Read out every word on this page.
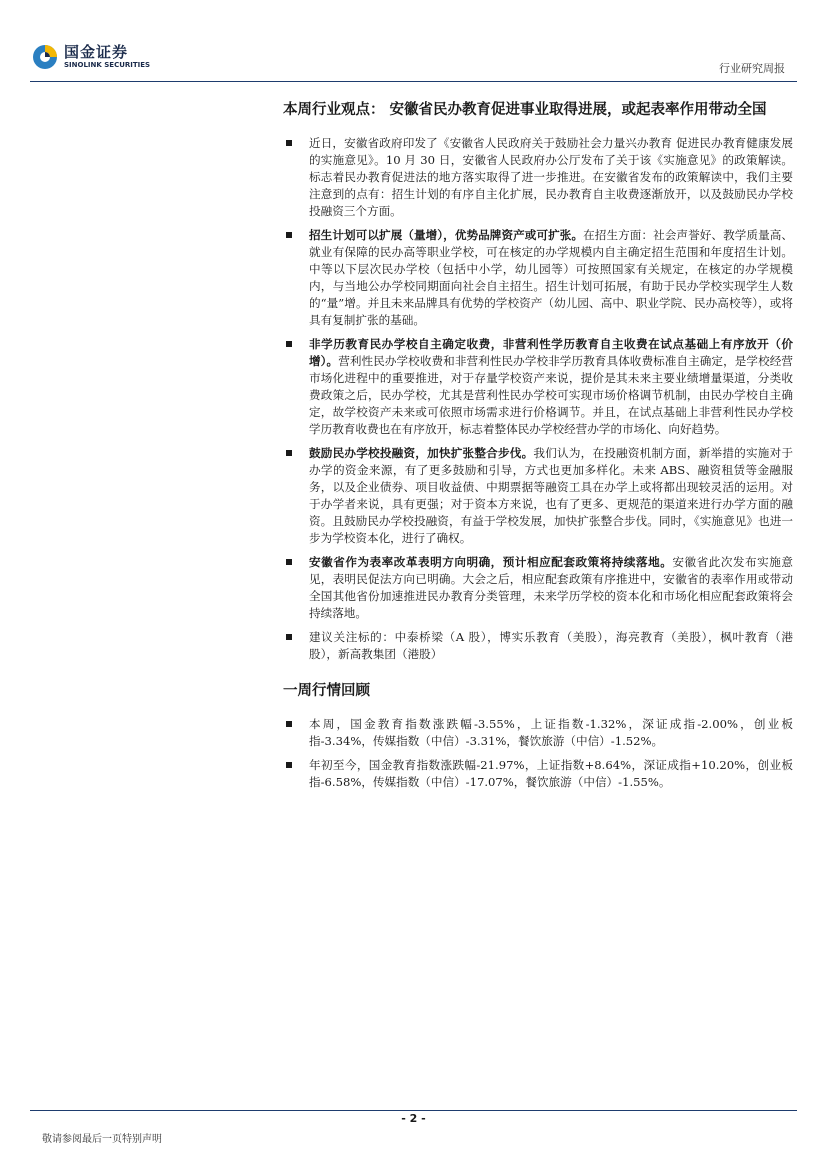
国金证券
SINOLINK SECURITIES	行业研究周报
本周行业观点： 安徽省民办教育促进事业取得进展，或起表率作用带动全国
近日，安徽省政府印发了《安徽省人民政府关于鼓励社会力量兴办教育 促进民办教育健康发展的实施意见》。10 月 30 日，安徽省人民政府办公厅发布了关于该《实施意见》的政策解读。标志着民办教育促进法的地方落实取得了进一步推进。在安徽省发布的政策解读中，我们主要注意到的点有：招生计划的有序自主化扩展，民办教育自主收费逐渐放开，以及鼓励民办学校投融资三个方面。
招生计划可以扩展（量增），优势品牌资产或可扩张。在招生方面：社会声誉好、教学质量高、就业有保障的民办高等职业学校，可在核定的办学规模内自主确定招生范围和年度招生计划。中等以下层次民办学校（包括中小学，幼儿园等）可按照国家有关规定，在核定的办学规模内，与当地公办学校同期面向社会自主招生。招生计划可拓展，有助于民办学校实现学生人数的“量”增。并且未来品牌具有优势的学校资产（幼儿园、高中、职业学院、民办高校等），或将具有复制扩张的基础。
非学历教育民办学校自主确定收费，非营利性学历教育自主收费在试点基础上有序放开（价增）。营利性民办学校收费和非营利性民办学校非学历教育具体收费标准自主确定，是学校经营市场化进程中的重要推进，对于存量学校资产来说，提价是其未来主要业绩增量渠道，分类收费政策之后，民办学校，尤其是营利性民办学校可实现市场价格调节机制，由民办学校自主确定，故学校资产未来或可依照市场需求进行价格调节。并且，在试点基础上非营利性民办学校学历教育收费也在有序放开，标志着整体民办学校经营办学的市场化、向好趋势。
鼓励民办学校投融资，加快扩张整合步伐。我们认为，在投融资机制方面，新举措的实施对于办学的资金来源，有了更多鼓励和引导，方式也更加多样化。未来 ABS、融资租赁等金融服务，以及企业债券、项目收益债、中期票据等融资工具在办学上或将都出现较灵活的运用。对于办学者来说，具有更强；对于资本方来说，也有了更多、更规范的渠道来进行办学方面的融资。且鼓励民办学校投融资，有益于学校发展，加快扩张整合步伐。同时，《实施意见》也进一步为学校资本化，进行了确权。
安徽省作为表率改革表明方向明确，预计相应配套政策将持续落地。安徽省此次发布实施意见，表明民促法方向已明确。大会之后，相应配套政策有序推进中，安徽省的表率作用或带动全国其他省份加速推进民办教育分类管理，未来学历学校的资本化和市场化相应配套政策将会持续落地。
建议关注标的：中泰桥梁（A 股），博实乐教育（美股），海亮教育（美股），枫叶教育（港股），新高教集团（港股）
一周行情回顾
本周，国金教育指数涨跌幅-3.55%，上证指数-1.32%，深证成指-2.00%，创业板指-3.34%，传媒指数（中信）-3.31%，餐饮旅游（中信）-1.52%。
年初至今，国金教育指数涨跌幅-21.97%，上证指数+8.64%，深证成指+10.20%，创业板指-6.58%，传媒指数（中信）-17.07%，餐饮旅游（中信）-1.55%。
- 2 -
敬请参阅最后一页特别声明
